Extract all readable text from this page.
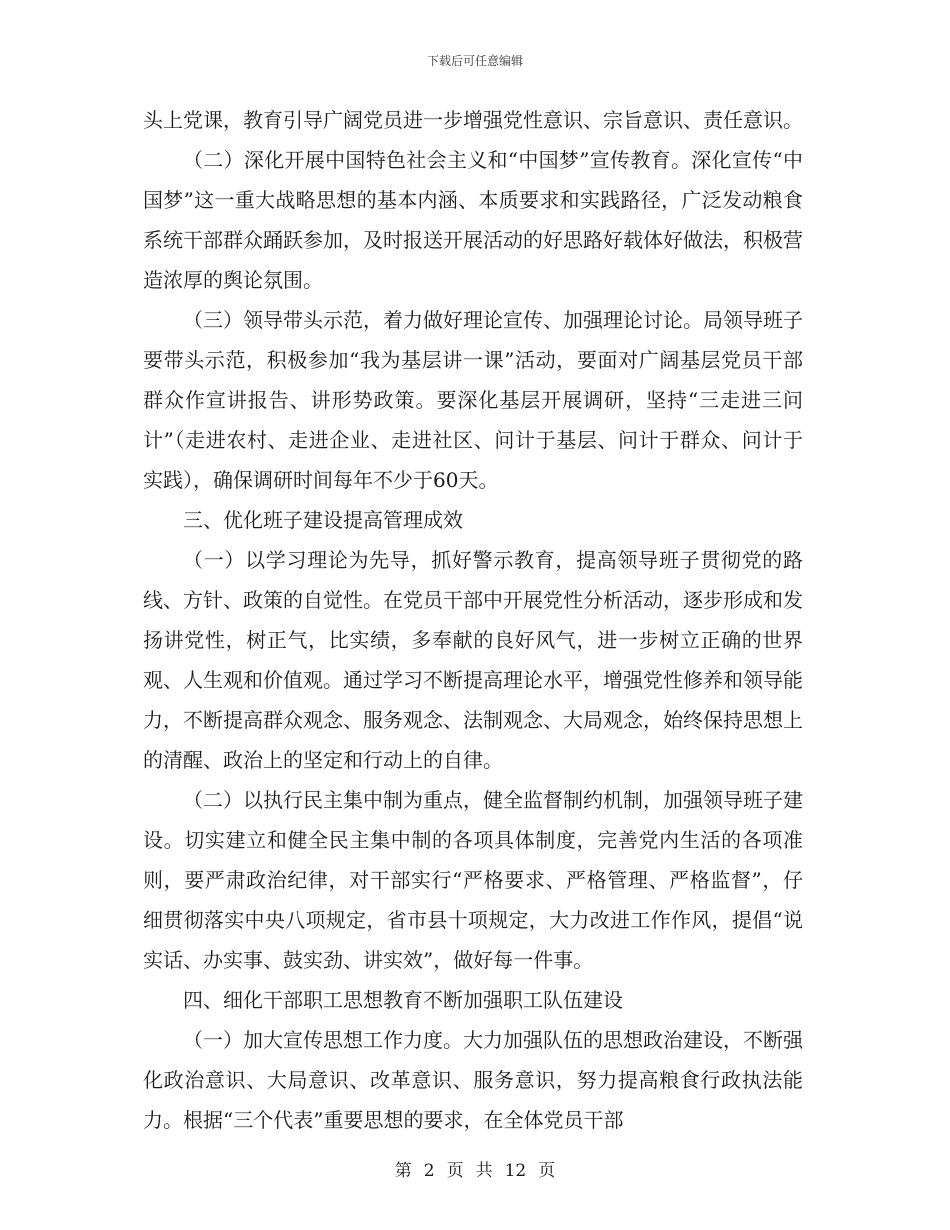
下载后可任意编辑

头上党课，教育引导广阔党员进一步增强党性意识、宗旨意识、责任意识。

（二）深化开展中国特色社会主义和“中国梦”宣传教育。深化宣传“中国梦”这一重大战略思想的基本内涵、本质要求和实践路径，广泛发动粮食系统干部群众踊跃参加，及时报送开展活动的好思路好载体好做法，积极营造浓厚的舆论氛围。

（三）领导带头示范，着力做好理论宣传、加强理论讨论。局领导班子要带头示范，积极参加“我为基层讲一课”活动，要面对广阔基层党员干部群众作宣讲报告、讲形势政策。要深化基层开展调研，坚持“三走进三问计”（走进农村、走进企业、走进社区、问计于基层、问计于群众、问计于实践），确保调研时间每年不少于60天。

三、优化班子建设提高管理成效

（一）以学习理论为先导，抓好警示教育，提高领导班子贯彻党的路线、方针、政策的自觉性。在党员干部中开展党性分析活动，逐步形成和发扬讲党性，树正气，比实绩，多奉献的良好风气，进一步树立正确的世界观、人生观和价值观。通过学习不断提高理论水平，增强党性修养和领导能力，不断提高群众观念、服务观念、法制观念、大局观念，始终保持思想上的清醒、政治上的坚定和行动上的自律。

（二）以执行民主集中制为重点，健全监督制约机制，加强领导班子建设。切实建立和健全民主集中制的各项具体制度，完善党内生活的各项准则，要严肃政治纪律，对干部实行“严格要求、严格管理、严格监督”，仔细贯彻落实中央八项规定，省市县十项规定，大力改进工作作风，提倡“说实话、办实事、鼓实劲、讲实效”，做好每一件事。

四、细化干部职工思想教育不断加强职工队伍建设

（一）加大宣传思想工作力度。大力加强队伍的思想政治建设，不断强化政治意识、大局意识、改革意识、服务意识，努力提高粮食行政执法能力。根据“三个代表”重要思想的要求，在全体党员干部

第 2 页 共 12 页
